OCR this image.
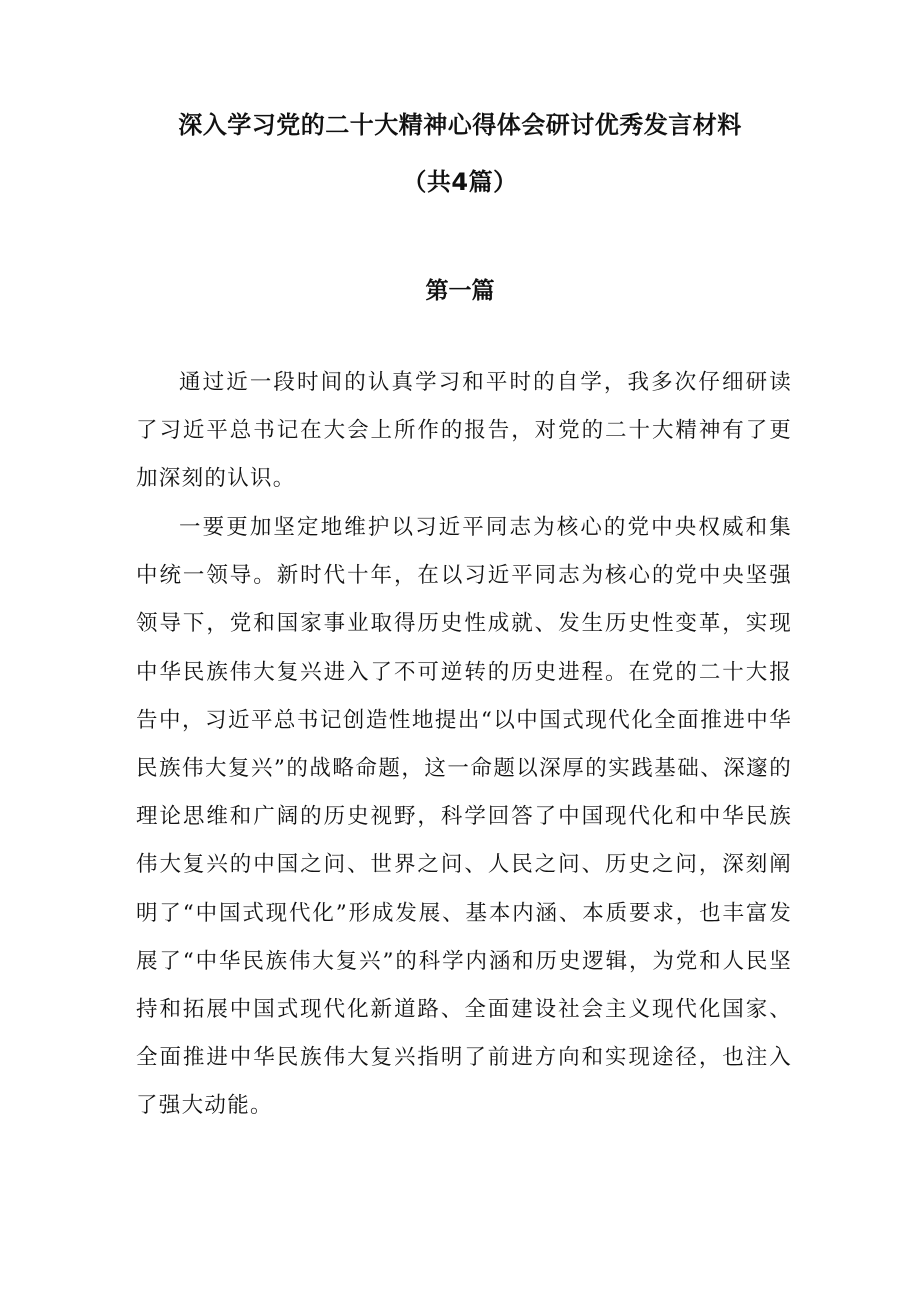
深入学习党的二十大精神心得体会研讨优秀发言材料
（共4篇）
第一篇

通过近一段时间的认真学习和平时的自学，我多次仔细研读了习近平总书记在大会上所作的报告，对党的二十大精神有了更加深刻的认识。

一要更加坚定地维护以习近平同志为核心的党中央权威和集中统一领导。新时代十年，在以习近平同志为核心的党中央坚强领导下，党和国家事业取得历史性成就、发生历史性变革，实现中华民族伟大复兴进入了不可逆转的历史进程。在党的二十大报告中，习近平总书记创造性地提出“以中国式现代化全面推进中华民族伟大复兴”的战略命题，这一命题以深厚的实践基础、深邃的理论思维和广阔的历史视野，科学回答了中国现代化和中华民族伟大复兴的中国之问、世界之问、人民之问、历史之问，深刻阐明了“中国式现代化”形成发展、基本内涵、本质要求，也丰富发展了“中华民族伟大复兴”的科学内涵和历史逻辑，为党和人民坚持和拓展中国式现代化新道路、全面建设社会主义现代化国家、全面推进中华民族伟大复兴指明了前进方向和实现途径，也注入了强大动能。
